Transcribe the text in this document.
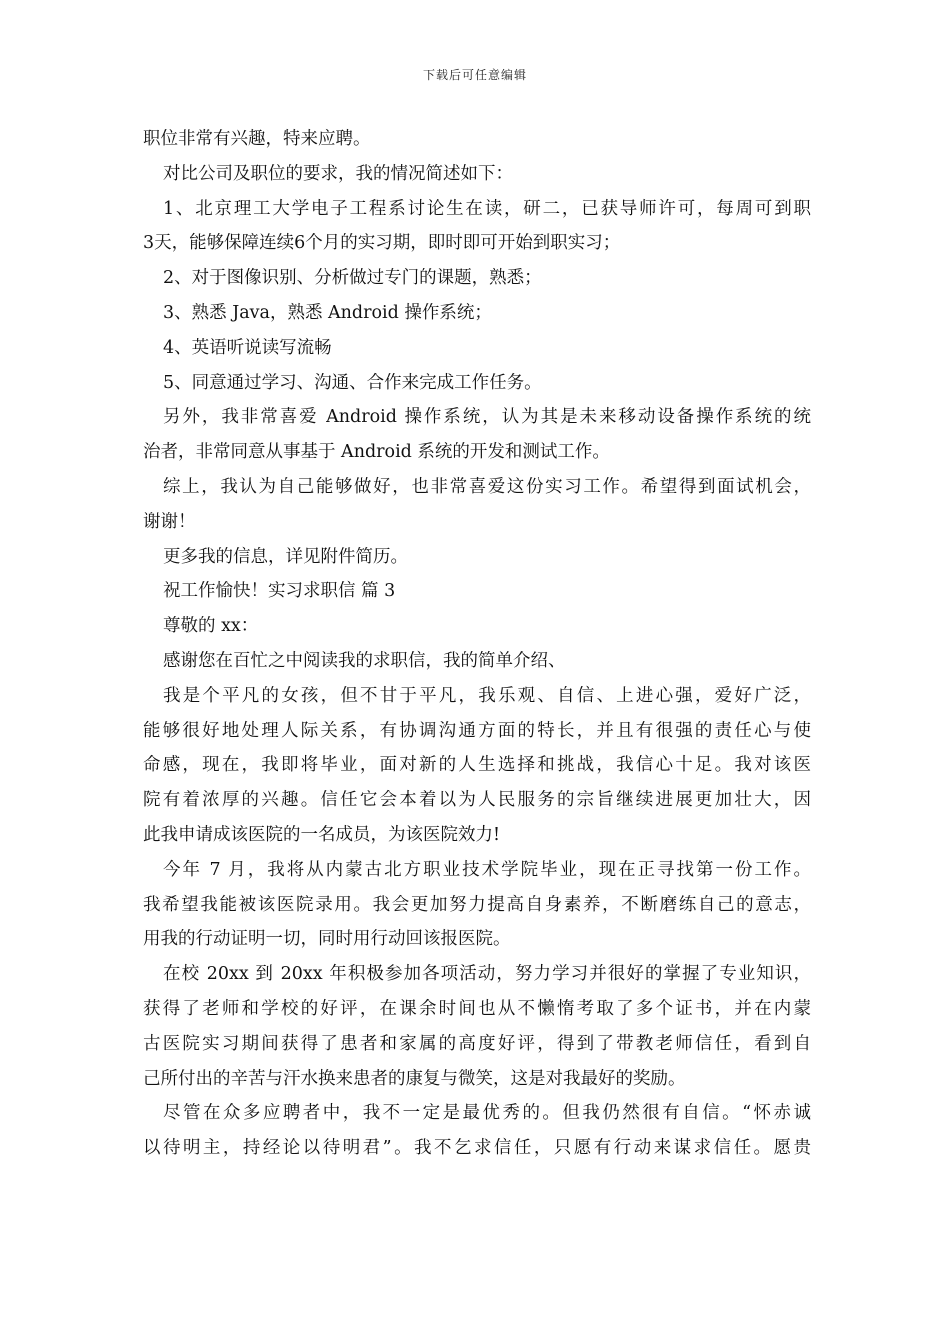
下载后可任意编辑
职位非常有兴趣，特来应聘。
对比公司及职位的要求，我的情况简述如下：
1、北京理工大学电子工程系讨论生在读，研二，已获导师许可，每周可到职
3天，能够保障连续6个月的实习期，即时即可开始到职实习；
2、对于图像识别、分析做过专门的课题，熟悉；
3、熟悉 Java，熟悉 Android 操作系统；
4、英语听说读写流畅
5、同意通过学习、沟通、合作来完成工作任务。
另外，我非常喜爱 Android 操作系统，认为其是未来移动设备操作系统的统
治者，非常同意从事基于 Android 系统的开发和测试工作。
综上，我认为自己能够做好，也非常喜爱这份实习工作。希望得到面试机会，
谢谢！
更多我的信息，详见附件简历。
祝工作愉快！实习求职信 篇 3
尊敬的 xx：
感谢您在百忙之中阅读我的求职信，我的简单介绍、
我是个平凡的女孩，但不甘于平凡，我乐观、自信、上进心强，爱好广泛，
能够很好地处理人际关系，有协调沟通方面的特长，并且有很强的责任心与使
命感，现在，我即将毕业，面对新的人生选择和挑战，我信心十足。我对该医
院有着浓厚的兴趣。信任它会本着以为人民服务的宗旨继续进展更加壮大，因
此我申请成该医院的一名成员，为该医院效力!
今年 7 月，我将从内蒙古北方职业技术学院毕业，现在正寻找第一份工作。
我希望我能被该医院录用。我会更加努力提高自身素养，不断磨练自己的意志，
用我的行动证明一切，同时用行动回该报医院。
在校 20xx 到 20xx 年积极参加各项活动，努力学习并很好的掌握了专业知识，
获得了老师和学校的好评，在课余时间也从不懒惰考取了多个证书，并在内蒙
古医院实习期间获得了患者和家属的高度好评，得到了带教老师信任，看到自
己所付出的辛苦与汗水换来患者的康复与微笑，这是对我最好的奖励。
尽管在众多应聘者中，我不一定是最优秀的。但我仍然很有自信。“怀赤诚
以待明主，持经论以待明君”。我不乞求信任，只愿有行动来谋求信任。愿贵
